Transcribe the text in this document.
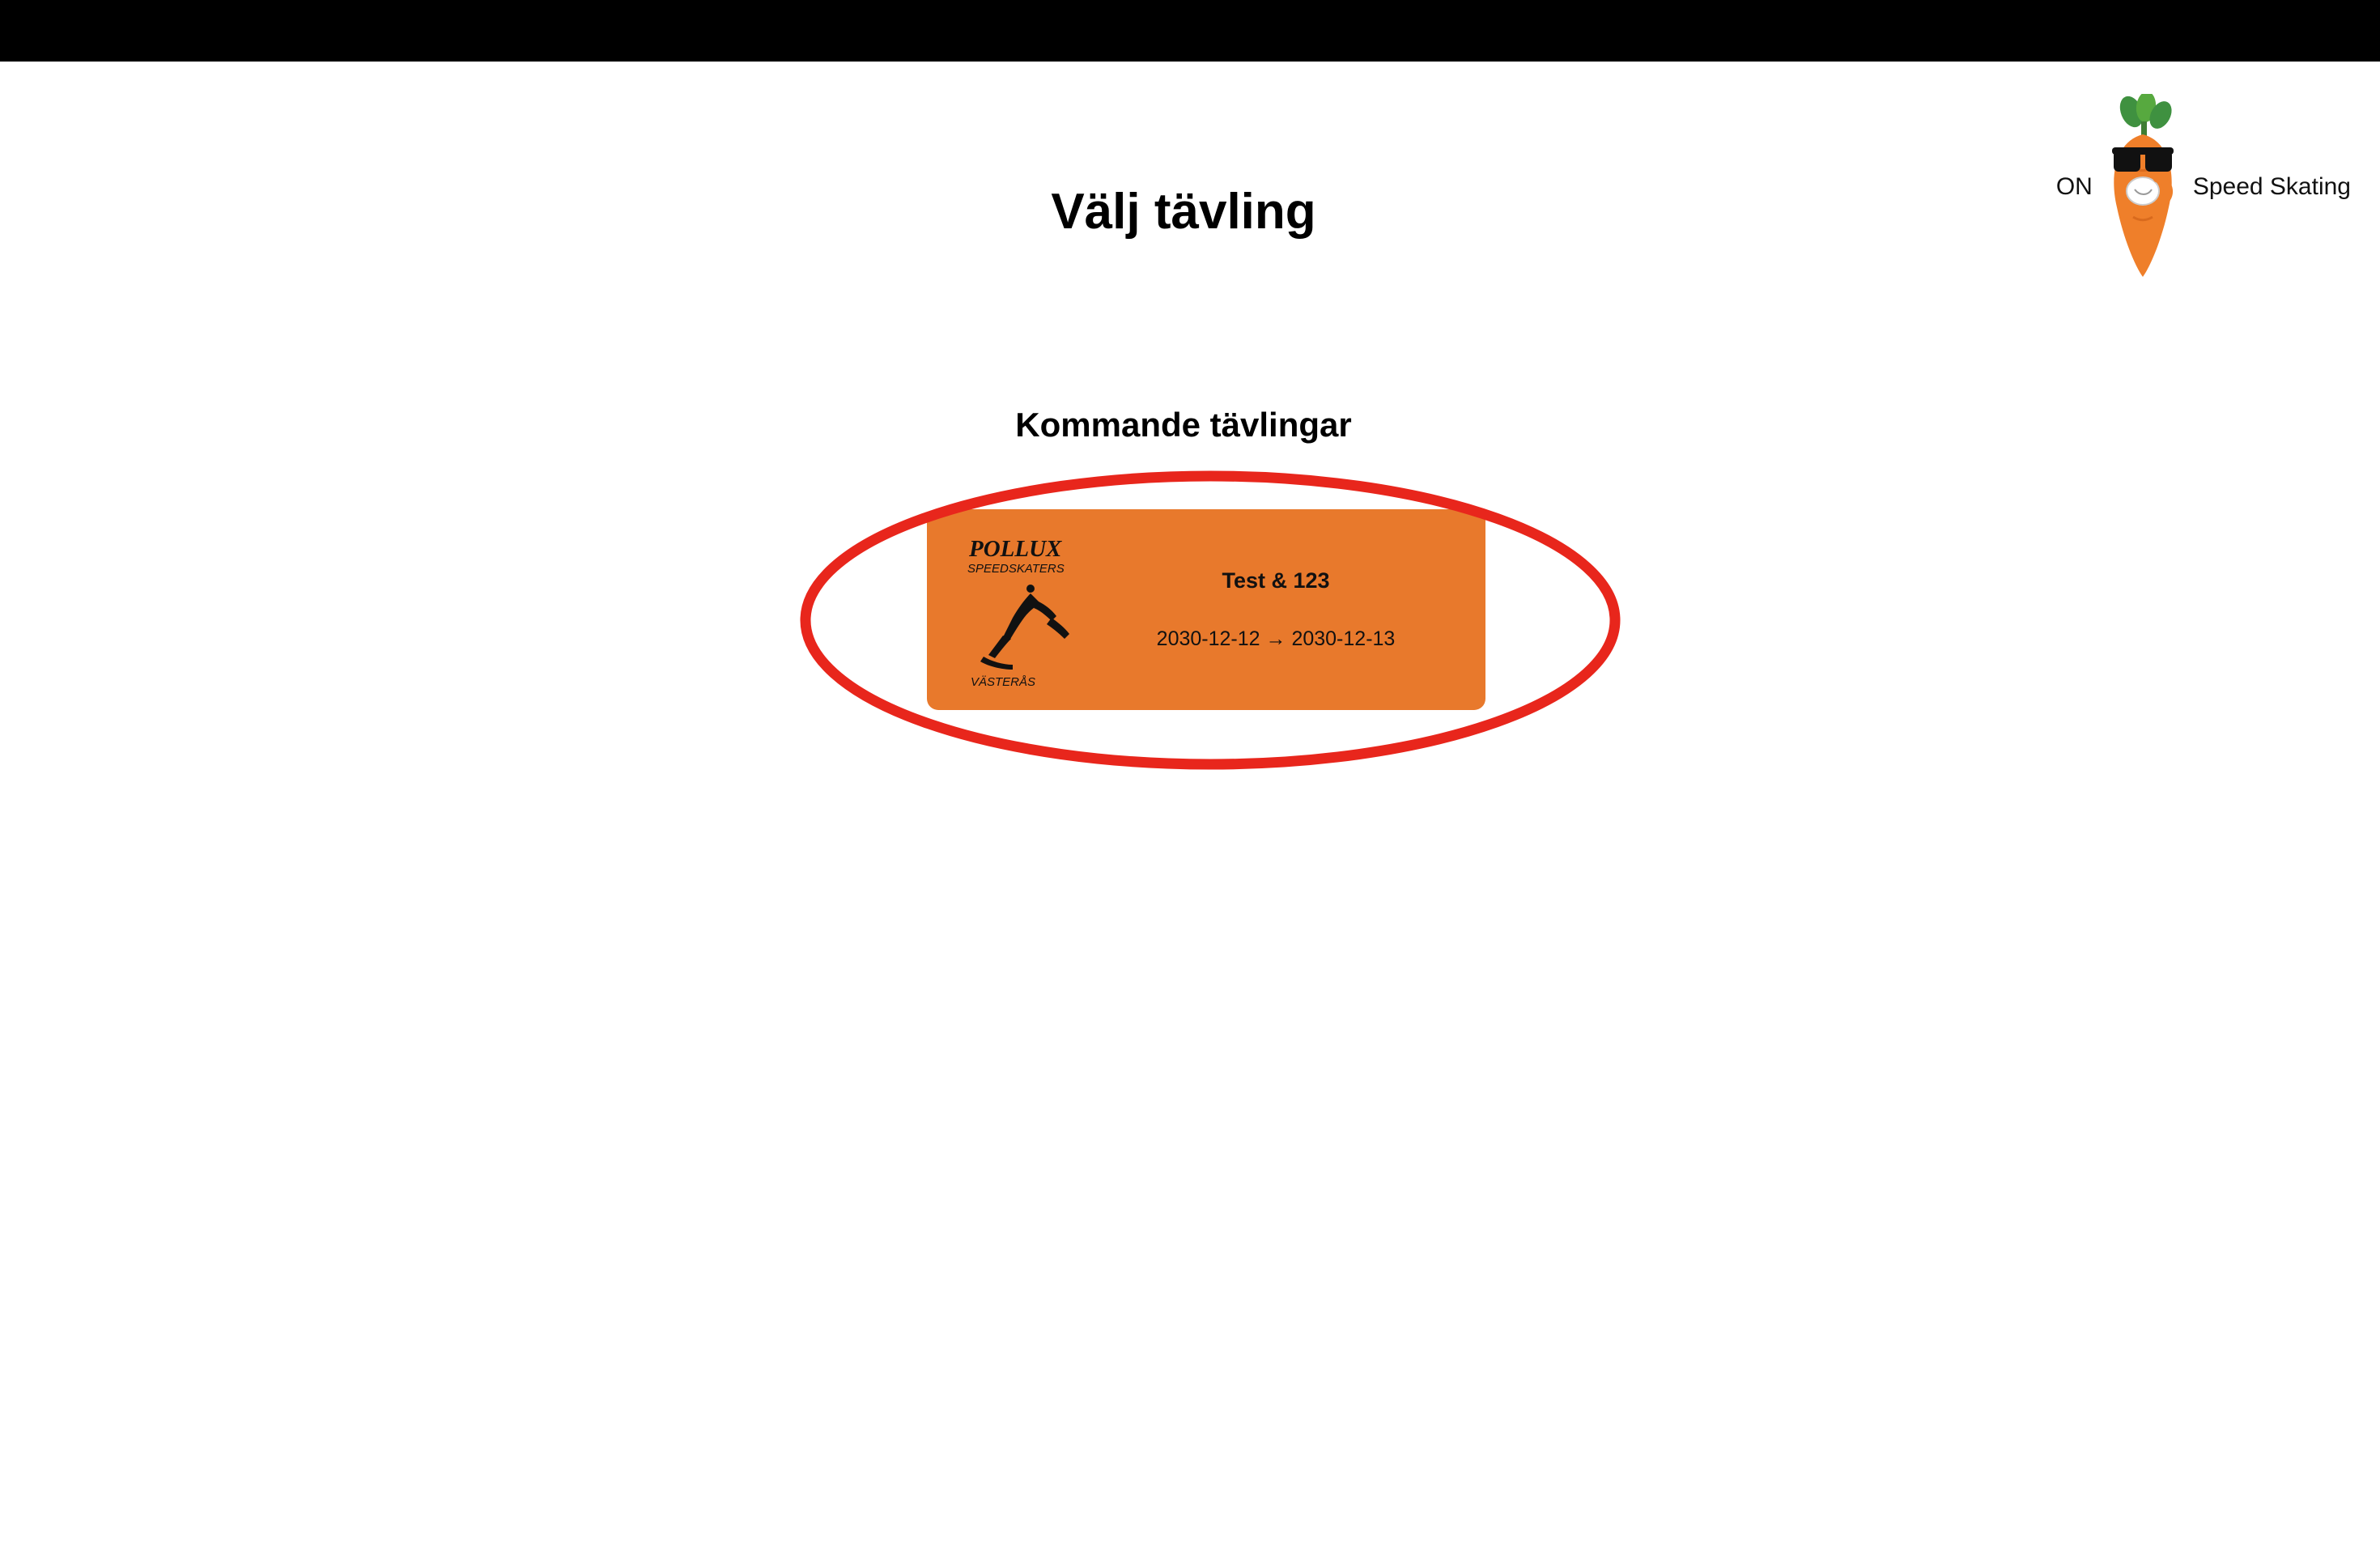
ON	Speed Skating
Välj tävling
Kommande tävlingar
POLLUX
SPEEDSKATERS
VÄSTERÅS
Test & 123
2030-12-12 → 2030-12-13
